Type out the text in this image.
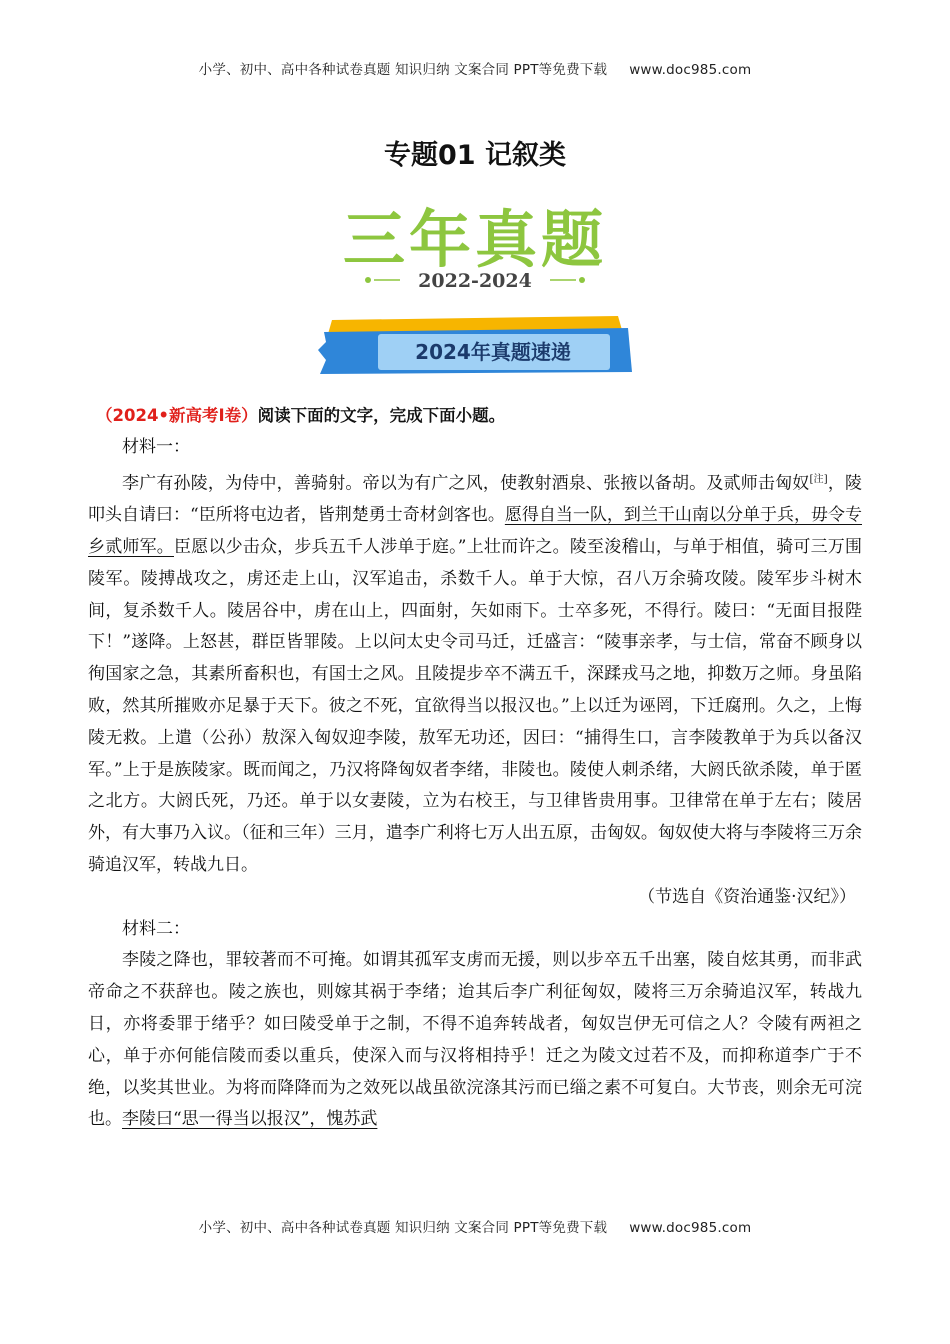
小学、初中、高中各种试卷真题 知识归纳 文案合同 PPT等免费下载 www.doc985.com
专题01 记叙类
三年真题
2022-2024
2024年真题速递
（2024•新高考Ⅰ卷）阅读下面的文字，完成下面小题。

材料一：

李广有孙陵，为侍中，善骑射。帝以为有广之风，使教射酒泉、张掖以备胡。及贰师击匈奴[注]，陵叩头自请曰：“臣所将屯边者，皆荆楚勇士奇材剑客也。愿得自当一队，到兰干山南以分单于兵，毋令专乡贰师军。臣愿以少击众，步兵五千人涉单于庭。”上壮而许之。陵至浚稽山，与单于相值，骑可三万围陵军。陵搏战攻之，虏还走上山，汉军追击，杀数千人。单于大惊，召八万余骑攻陵。陵军步斗树木间，复杀数千人。陵居谷中，虏在山上，四面射，矢如雨下。士卒多死，不得行。陵曰：“无面目报陛下！”遂降。上怒甚，群臣皆罪陵。上以问太史令司马迁，迁盛言：“陵事亲孝，与士信，常奋不顾身以徇国家之急，其素所畜积也，有国士之风。且陵提步卒不满五千，深蹂戎马之地，抑数万之师。身虽陷败，然其所摧败亦足暴于天下。彼之不死，宜欲得当以报汉也。”上以迁为诬罔，下迁腐刑。久之，上悔陵无救。上遣（公孙）敖深入匈奴迎李陵，敖军无功还，因曰：“捕得生口，言李陵教单于为兵以备汉军。”上于是族陵家。既而闻之，乃汉将降匈奴者李绪，非陵也。陵使人刺杀绪，大阏氏欲杀陵，单于匿之北方。大阏氏死，乃还。单于以女妻陵，立为右校王，与卫律皆贵用事。卫律常在单于左右；陵居外，有大事乃入议。（征和三年）三月，遣李广利将七万人出五原，击匈奴。匈奴使大将与李陵将三万余骑追汉军，转战九日。

（节选自《资治通鉴·汉纪》）

材料二：

李陵之降也，罪较著而不可掩。如谓其孤军支虏而无援，则以步卒五千出塞，陵自炫其勇，而非武帝命之不获辞也。陵之族也，则嫁其祸于李绪；迨其后李广利征匈奴，陵将三万余骑追汉军，转战九日，亦将委罪于绪乎？如曰陵受单于之制，不得不追奔转战者，匈奴岂伊无可信之人？令陵有两袒之心，单于亦何能信陵而委以重兵，使深入而与汉将相持乎！迁之为陵文过若不及，而抑称道李广于不绝，以奖其世业。为将而降降而为之效死以战虽欲浣涤其污而已缁之素不可复白。大节丧，则余无可浣也。李陵曰“思一得当以报汉”，愧苏武

小学、初中、高中各种试卷真题 知识归纳 文案合同 PPT等免费下载 www.doc985.com
